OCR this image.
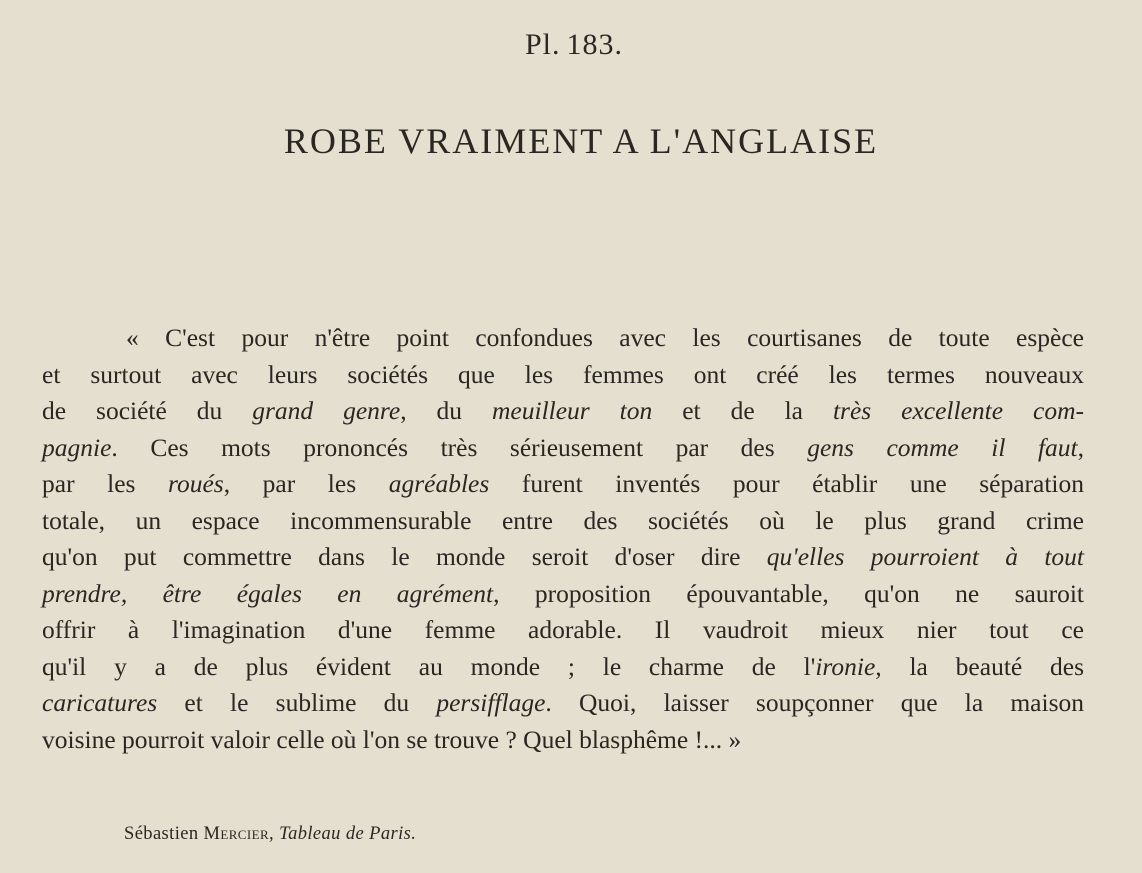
Pl. 183.
ROBE VRAIMENT A L'ANGLAISE
« C'est pour n'être point confondues avec les courtisanes de toute espèce
et surtout avec leurs sociétés que les femmes ont créé les termes nouveaux
de société du grand genre, du meuilleur ton et de la très excellente com-
pagnie. Ces mots prononcés très sérieusement par des gens comme il faut,
par les roués, par les agréables furent inventés pour établir une séparation
totale, un espace incommensurable entre des sociétés où le plus grand crime
qu'on put commettre dans le monde seroit d'oser dire qu'elles pourroient à tout
prendre, être égales en agrément, proposition épouvantable, qu'on ne sauroit
offrir à l'imagination d'une femme adorable. Il vaudroit mieux nier tout ce
qu'il y a de plus évident au monde ; le charme de l'ironie, la beauté des
caricatures et le sublime du persifflage. Quoi, laisser soupçonner que la maison
voisine pourroit valoir celle où l'on se trouve ? Quel blasphême !... »
Sébastien Mercier, Tableau de Paris.
